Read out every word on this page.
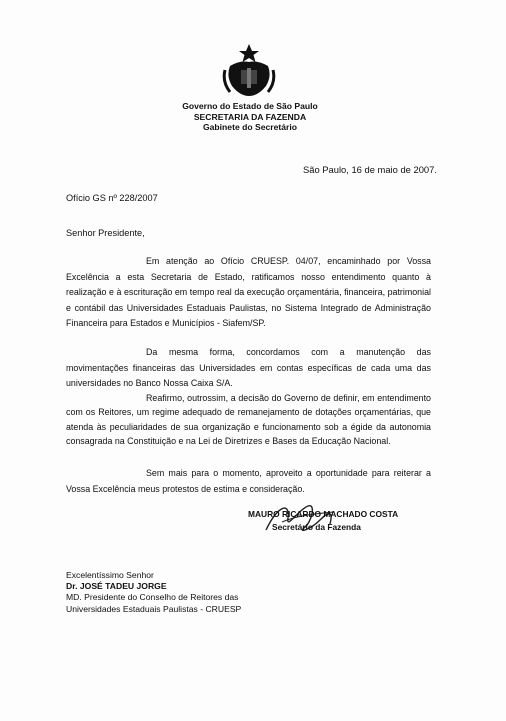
Governo do Estado de São Paulo
SECRETARIA DA FAZENDA
Gabinete do Secretário
São Paulo, 16 de maio de 2007.
Ofício GS nº 228/2007
Senhor Presidente,

Em atenção ao Ofício CRUESP. 04/07, encaminhado por Vossa Excelência a esta Secretaria de Estado, ratificamos nosso entendimento quanto à realização e à escrituração em tempo real da execução orçamentária, financeira, patrimonial e contábil das Universidades Estaduais Paulistas, no Sistema Integrado de Administração Financeira para Estados e Municípios - Siafem/SP.

Da mesma forma, concordamos com a manutenção das movimentações financeiras das Universidades em contas específicas de cada uma das universidades no Banco Nossa Caixa S/A.

Reafirmo, outrossim, a decisão do Governo de definir, em entendimento com os Reitores, um regime adequado de remanejamento de dotações orçamentárias, que atenda às peculiaridades de sua organização e funcionamento sob a égide da autonomia consagrada na Constituição e na Lei de Diretrizes e Bases da Educação Nacional.

Sem mais para o momento, aproveito a oportunidade para reiterar a Vossa Excelência meus protestos de estima e consideração.

MAURO RICARDO MACHADO COSTA
Secretário da Fazenda
Excelentíssimo Senhor
Dr. JOSÉ TADEU JORGE
MD. Presidente do Conselho de Reitores das
Universidades Estaduais Paulistas - CRUESP
